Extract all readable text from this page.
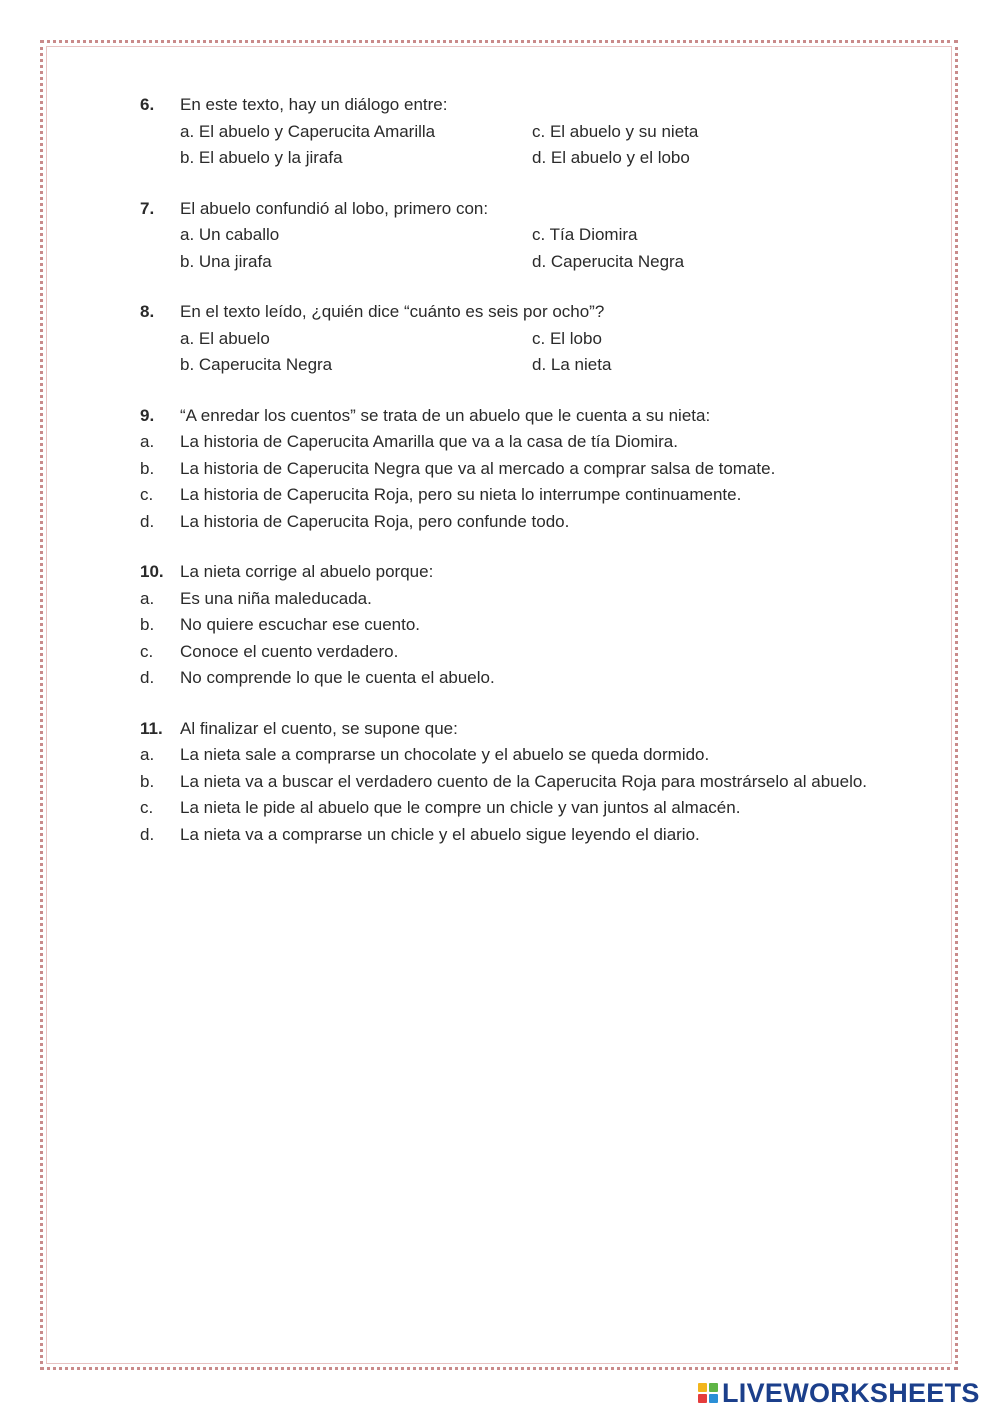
6. En este texto, hay un diálogo entre:
a. El abuelo y Caperucita Amarilla	c. El abuelo y su nieta
b. El abuelo y la jirafa	d. El abuelo y el lobo
7. El abuelo confundió al lobo, primero con:
a. Un caballo	c. Tía Diomira
b. Una jirafa	d. Caperucita Negra
8. En el texto leído, ¿quién dice “cuánto es seis por ocho”?
a. El abuelo	c. El lobo
b. Caperucita Negra	d. La nieta
9. “A enredar los cuentos” se trata de un abuelo que le cuenta a su nieta:
a. La historia de Caperucita Amarilla que va a la casa de tía Diomira.
b. La historia de Caperucita Negra que va al mercado a comprar salsa de tomate.
c. La historia de Caperucita Roja, pero su nieta lo interrumpe continuamente.
d. La historia de Caperucita Roja, pero confunde todo.
10. La nieta corrige al abuelo porque:
a. Es una niña maleducada.
b. No quiere escuchar ese cuento.
c. Conoce el cuento verdadero.
d. No comprende lo que le cuenta el abuelo.
11. Al finalizar el cuento, se supone que:
a. La nieta sale a comprarse un chocolate y el abuelo se queda dormido.
b. La nieta va a buscar el verdadero cuento de la Caperucita Roja para mostrárselo al abuelo.
c. La nieta le pide al abuelo que le compre un chicle y van juntos al almacén.
d. La nieta va a comprarse un chicle y el abuelo sigue leyendo el diario.
LIVEWORKSHEETS
